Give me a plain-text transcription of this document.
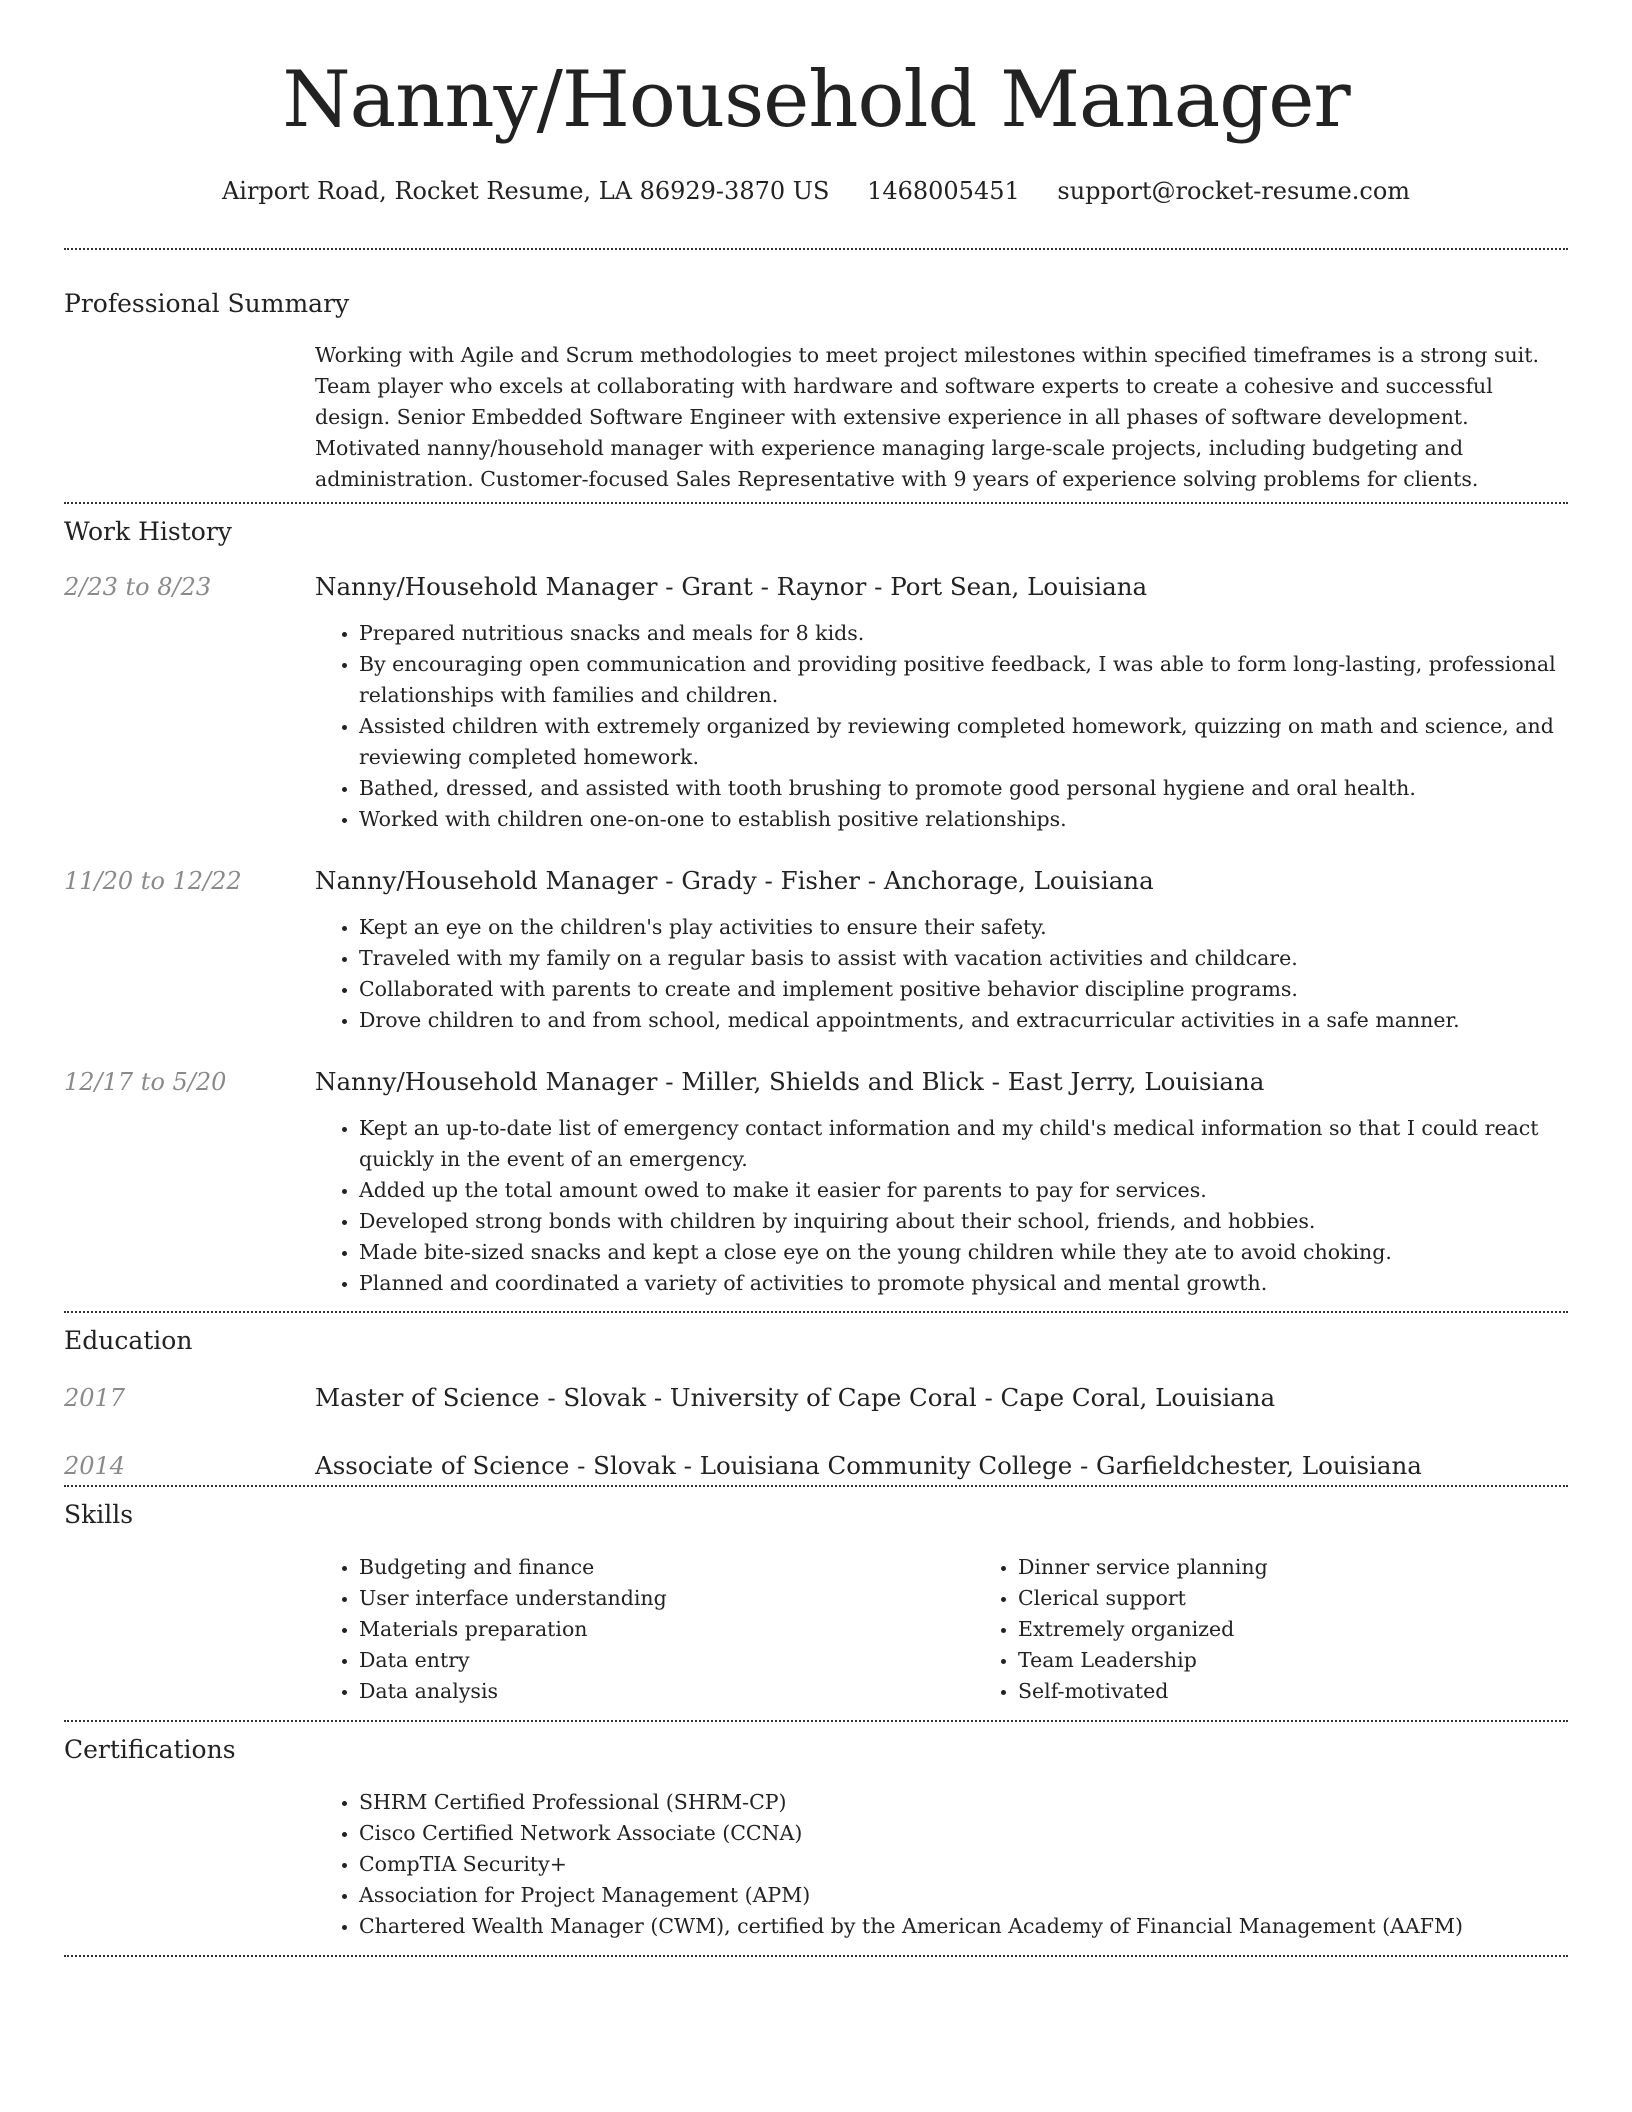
Nanny/Household Manager
Airport Road, Rocket Resume, LA 86929-3870 US 1468005451 support@rocket-resume.com
Professional Summary

Working with Agile and Scrum methodologies to meet project milestones within specified timeframes is a strong suit. Team player who excels at collaborating with hardware and software experts to create a cohesive and successful design. Senior Embedded Software Engineer with extensive experience in all phases of software development. Motivated nanny/household manager with experience managing large-scale projects, including budgeting and administration. Customer-focused Sales Representative with 9 years of experience solving problems for clients.

Work History
2/23 to 8/23	Nanny/Household Manager - Grant - Raynor - Port Sean, Louisiana
• Prepared nutritious snacks and meals for 8 kids.
• By encouraging open communication and providing positive feedback, I was able to form long-lasting, professional relationships with families and children.
• Assisted children with extremely organized by reviewing completed homework, quizzing on math and science, and reviewing completed homework.
• Bathed, dressed, and assisted with tooth brushing to promote good personal hygiene and oral health.
• Worked with children one-on-one to establish positive relationships.
11/20 to 12/22	Nanny/Household Manager - Grady - Fisher - Anchorage, Louisiana
• Kept an eye on the children's play activities to ensure their safety.
• Traveled with my family on a regular basis to assist with vacation activities and childcare.
• Collaborated with parents to create and implement positive behavior discipline programs.
• Drove children to and from school, medical appointments, and extracurricular activities in a safe manner.
12/17 to 5/20	Nanny/Household Manager - Miller, Shields and Blick - East Jerry, Louisiana
• Kept an up-to-date list of emergency contact information and my child's medical information so that I could react quickly in the event of an emergency.
• Added up the total amount owed to make it easier for parents to pay for services.
• Developed strong bonds with children by inquiring about their school, friends, and hobbies.
• Made bite-sized snacks and kept a close eye on the young children while they ate to avoid choking.
• Planned and coordinated a variety of activities to promote physical and mental growth.
Education
2017	Master of Science - Slovak - University of Cape Coral - Cape Coral, Louisiana
2014	Associate of Science - Slovak - Louisiana Community College - Garfieldchester, Louisiana
Skills
• Budgeting and finance
• User interface understanding
• Materials preparation
• Data entry
• Data analysis
• Dinner service planning
• Clerical support
• Extremely organized
• Team Leadership
• Self-motivated
Certifications
• SHRM Certified Professional (SHRM-CP)
• Cisco Certified Network Associate (CCNA)
• CompTIA Security+
• Association for Project Management (APM)
• Chartered Wealth Manager (CWM), certified by the American Academy of Financial Management (AAFM)
